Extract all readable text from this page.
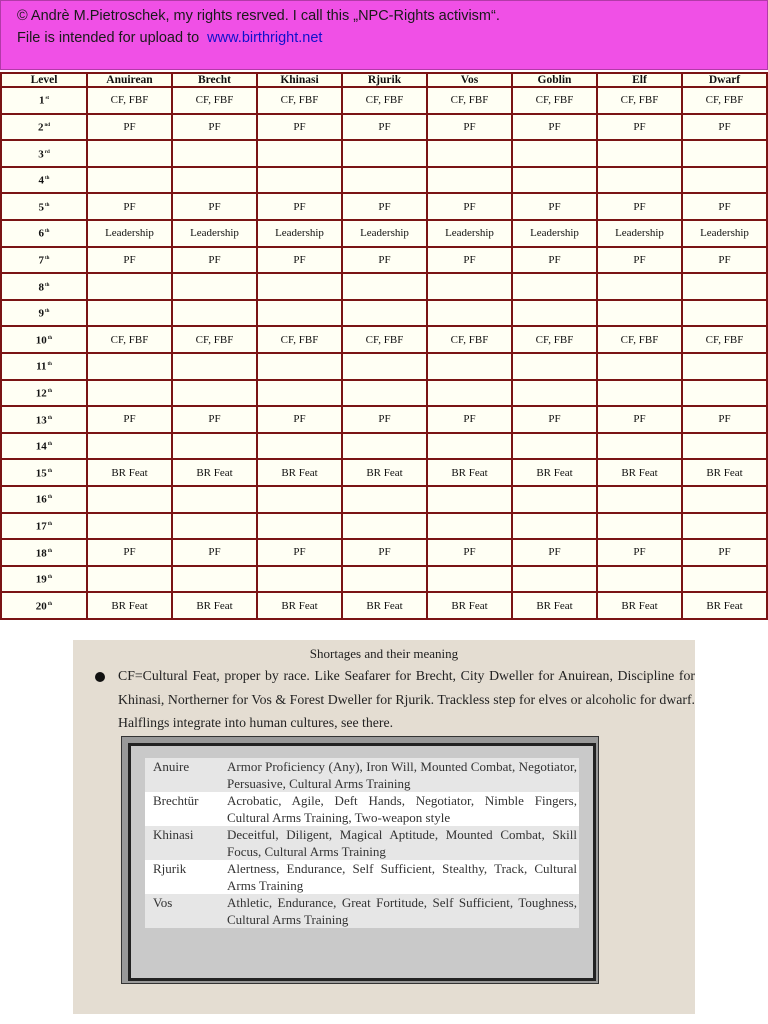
© Andrè M.Pietroschek, my rights resrved. I call this „NPC-Rights activism“.
File is intended for upload to www.birthright.net
Level	Anuirean	Brecht	Khinasi	Rjurik	Vos	Goblin	Elf	Dwarf
1st	CF, FBF	CF, FBF	CF, FBF	CF, FBF	CF, FBF	CF, FBF	CF, FBF	CF, FBF
2nd	PF	PF	PF	PF	PF	PF	PF	PF
3rd								
4th								
5th	PF	PF	PF	PF	PF	PF	PF	PF
6th	Leadership	Leadership	Leadership	Leadership	Leadership	Leadership	Leadership	Leadership
7th	PF	PF	PF	PF	PF	PF	PF	PF
8th								
9th								
10th	CF, FBF	CF, FBF	CF, FBF	CF, FBF	CF, FBF	CF, FBF	CF, FBF	CF, FBF
11th								
12th								
13th	PF	PF	PF	PF	PF	PF	PF	PF
14th								
15th	BR Feat	BR Feat	BR Feat	BR Feat	BR Feat	BR Feat	BR Feat	BR Feat
16th								
17th								
18th	PF	PF	PF	PF	PF	PF	PF	PF
19th								
20th	BR Feat	BR Feat	BR Feat	BR Feat	BR Feat	BR Feat	BR Feat	BR Feat
Shortages and their meaning
CF=Cultural Feat, proper by race. Like Seafarer for Brecht, City Dweller for Anuirean, Discipline for Khinasi, Northerner for Vos & Forest Dweller for Rjurik. Trackless step for elves or alcoholic for dwarf. Halflings integrate into human cultures, see there.
Anuire	Armor Proficiency (Any), Iron Will, Mounted Combat, Negotiator, Persuasive, Cultural Arms Training
Brechtür	Acrobatic, Agile, Deft Hands, Negotiator, Nimble Fingers, Cultural Arms Training, Two-weapon style
Khinasi	Deceitful, Diligent, Magical Aptitude, Mounted Combat, Skill Focus, Cultural Arms Training
Rjurik	Alertness, Endurance, Self Sufficient, Stealthy, Track, Cultural Arms Training
Vos	Athletic, Endurance, Great Fortitude, Self Sufficient, Toughness, Cultural Arms Training
